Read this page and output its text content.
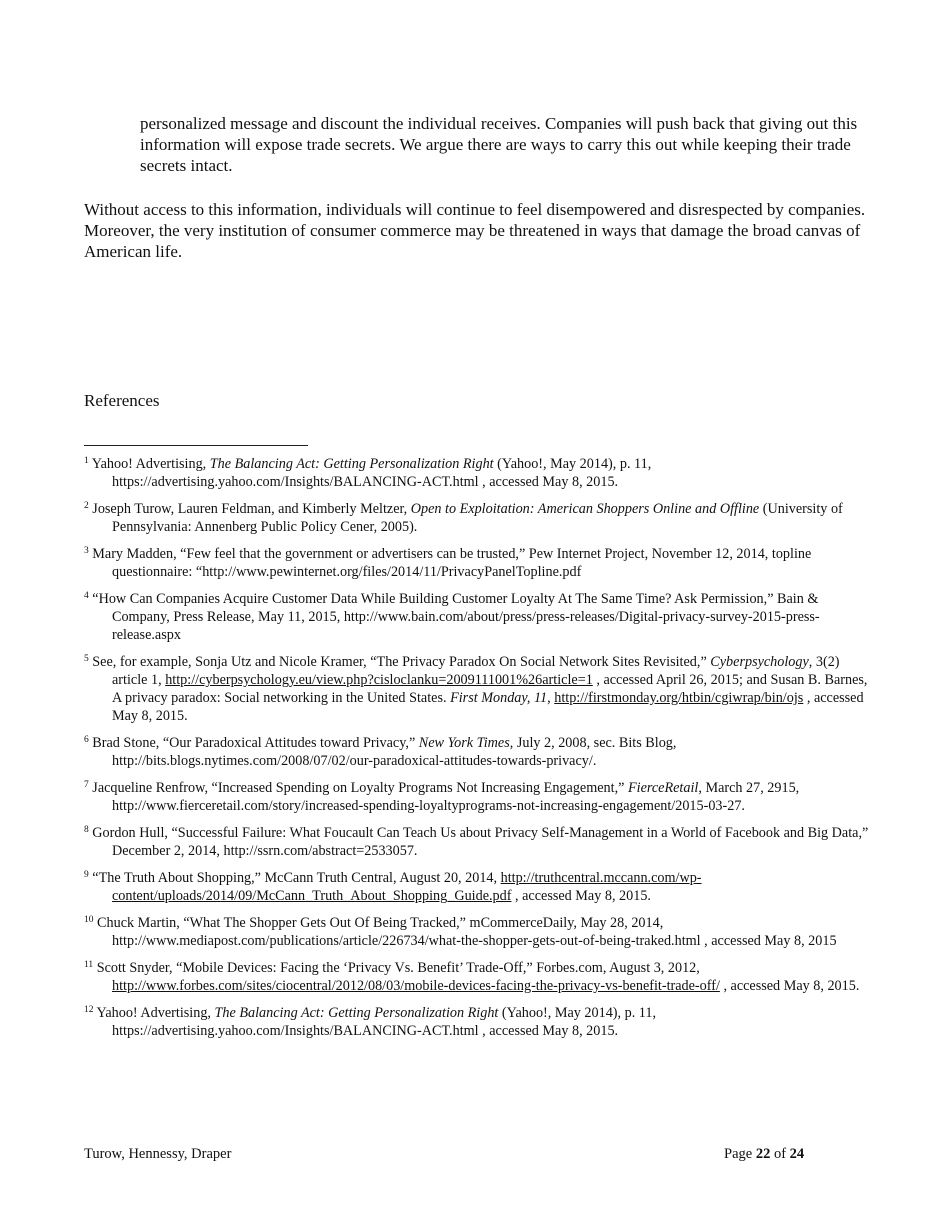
personalized message and discount the individual receives. Companies will push back that giving out this information will expose trade secrets. We argue there are ways to carry this out while keeping their trade secrets intact.
Without access to this information, individuals will continue to feel disempowered and disrespected by companies. Moreover, the very institution of consumer commerce may be threatened in ways that damage the broad canvas of American life.
References

$^1$ Yahoo! Advertising, The Balancing Act: Getting Personalization Right (Yahoo!, May 2014), p. 11, https://advertising.yahoo.com/Insights/BALANCING-ACT.html , accessed May 8, 2015.

$^2$ Joseph Turow, Lauren Feldman, and Kimberly Meltzer, Open to Exploitation: American Shoppers Online and Offline (University of Pennsylvania: Annenberg Public Policy Cener, 2005).

$^3$ Mary Madden, “Few feel that the government or advertisers can be trusted,” Pew Internet Project, November 12, 2014, topline questionnaire: “http://www.pewinternet.org/files/2014/11/PrivacyPanelTopline.pdf

$^4$ “How Can Companies Acquire Customer Data While Building Customer Loyalty At The Same Time? Ask Permission,” Bain & Company, Press Release, May 11, 2015, http://www.bain.com/about/press/press-releases/Digital-privacy-survey-2015-press-release.aspx

$^5$ See, for example, Sonja Utz and Nicole Kramer, “The Privacy Paradox On Social Network Sites Revisited,” Cyberpsychology, 3(2) article 1, http://cyberpsychology.eu/view.php?cisloclanku=2009111001%26article=1 , accessed April 26, 2015; and Susan B. Barnes, A privacy paradox: Social networking in the United States. First Monday, 11, http://firstmonday.org/htbin/cgiwrap/bin/ojs , accessed May 8, 2015.

$^6$ Brad Stone, “Our Paradoxical Attitudes toward Privacy,” New York Times, July 2, 2008, sec. Bits Blog, http://bits.blogs.nytimes.com/2008/07/02/our-paradoxical-attitudes-towards-privacy/.

$^7$ Jacqueline Renfrow, “Increased Spending on Loyalty Programs Not Increasing Engagement,” FierceRetail, March 27, 2915, http://www.fierceretail.com/story/increased-spending-loyaltyprograms-not-increasing-engagement/2015-03-27.

$^8$ Gordon Hull, “Successful Failure: What Foucault Can Teach Us about Privacy Self-Management in a World of Facebook and Big Data,” December 2, 2014, http://ssrn.com/abstract=2533057.

$^9$ “The Truth About Shopping,” McCann Truth Central, August 20, 2014, http://truthcentral.mccann.com/wp-content/uploads/2014/09/McCann_Truth_About_Shopping_Guide.pdf , accessed May 8, 2015.

$^{10}$ Chuck Martin, “What The Shopper Gets Out Of Being Tracked,” mCommerceDaily, May 28, 2014, http://www.mediapost.com/publications/article/226734/what-the-shopper-gets-out-of-being-traked.html , accessed May 8, 2015

$^{11}$ Scott Snyder, “Mobile Devices: Facing the ‘Privacy Vs. Benefit’ Trade-Off,” Forbes.com, August 3, 2012, http://www.forbes.com/sites/ciocentral/2012/08/03/mobile-devices-facing-the-privacy-vs-benefit-trade-off/ , accessed May 8, 2015.

$^{12}$ Yahoo! Advertising, The Balancing Act: Getting Personalization Right (Yahoo!, May 2014), p. 11, https://advertising.yahoo.com/Insights/BALANCING-ACT.html , accessed May 8, 2015.

Turow, Hennessy, Draper	Page 22 of 24
